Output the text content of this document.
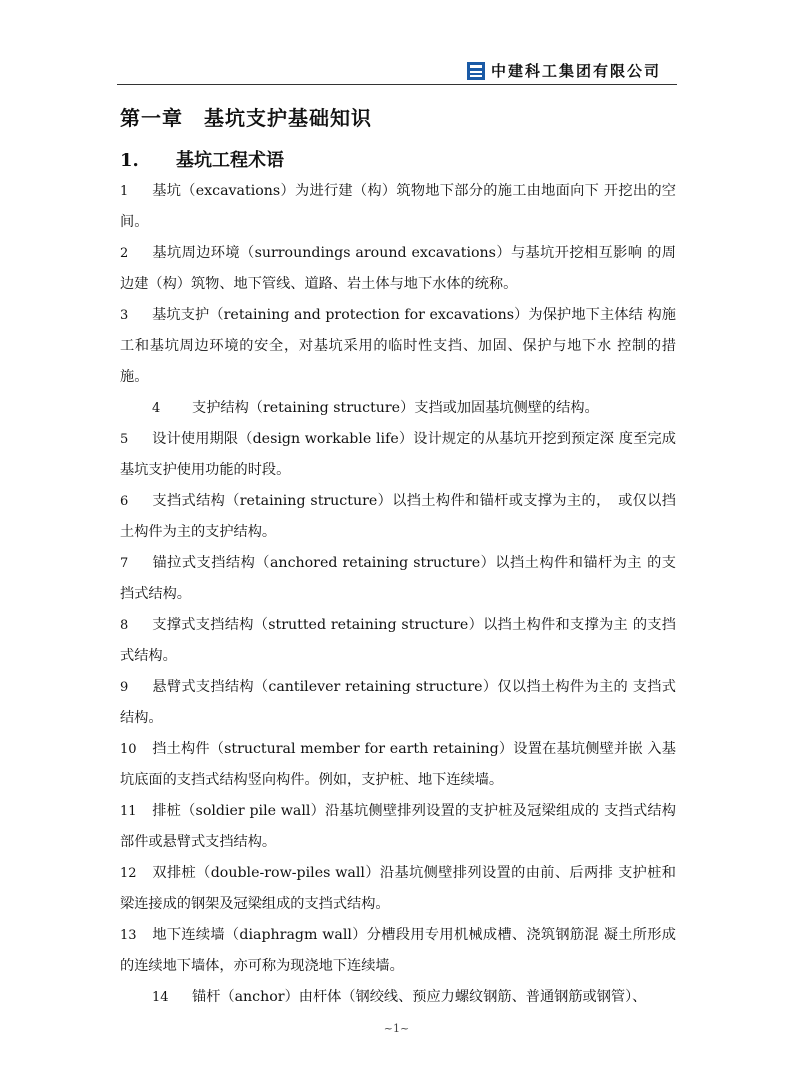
中建科工集团有限公司
第一章　基坑支护基础知识
1. 基坑工程术语

1 基坑（excavations）为进行建（构）筑物地下部分的施工由地面向下 开挖出的空间。

2 基坑周边环境（surroundings around excavations）与基坑开挖相互影响 的周边建（构）筑物、地下管线、道路、岩土体与地下水体的统称。

3 基坑支护（retaining and protection for excavations）为保护地下主体结 构施工和基坑周边环境的安全，对基坑采用的临时性支挡、加固、保护与地下水 控制的措施。

4 支护结构（retaining structure）支挡或加固基坑侧壁的结构。

5 设计使用期限（design workable life）设计规定的从基坑开挖到预定深 度至完成基坑支护使用功能的时段。

6 支挡式结构（retaining structure）以挡土构件和锚杆或支撑为主的，　或仅以挡土构件为主的支护结构。

7 锚拉式支挡结构（anchored retaining structure）以挡土构件和锚杆为主 的支挡式结构。

8 支撑式支挡结构（strutted retaining structure）以挡土构件和支撑为主 的支挡式结构。

9 悬臂式支挡结构（cantilever retaining structure）仅以挡土构件为主的 支挡式结构。

10 挡土构件（structural member for earth retaining）设置在基坑侧壁并嵌 入基坑底面的支挡式结构竖向构件。例如，支护桩、地下连续墙。

11 排桩（soldier pile wall）沿基坑侧壁排列设置的支护桩及冠梁组成的 支挡式结构部件或悬臂式支挡结构。

12 双排桩（double-row-piles wall）沿基坑侧壁排列设置的由前、后两排 支护桩和梁连接成的钢架及冠梁组成的支挡式结构。

13 地下连续墙（diaphragm wall）分槽段用专用机械成槽、浇筑钢筋混 凝土所形成的连续地下墙体，亦可称为现浇地下连续墙。

14 锚杆（anchor）由杆体（钢绞线、预应力螺纹钢筋、普通钢筋或钢管）、

~1~
